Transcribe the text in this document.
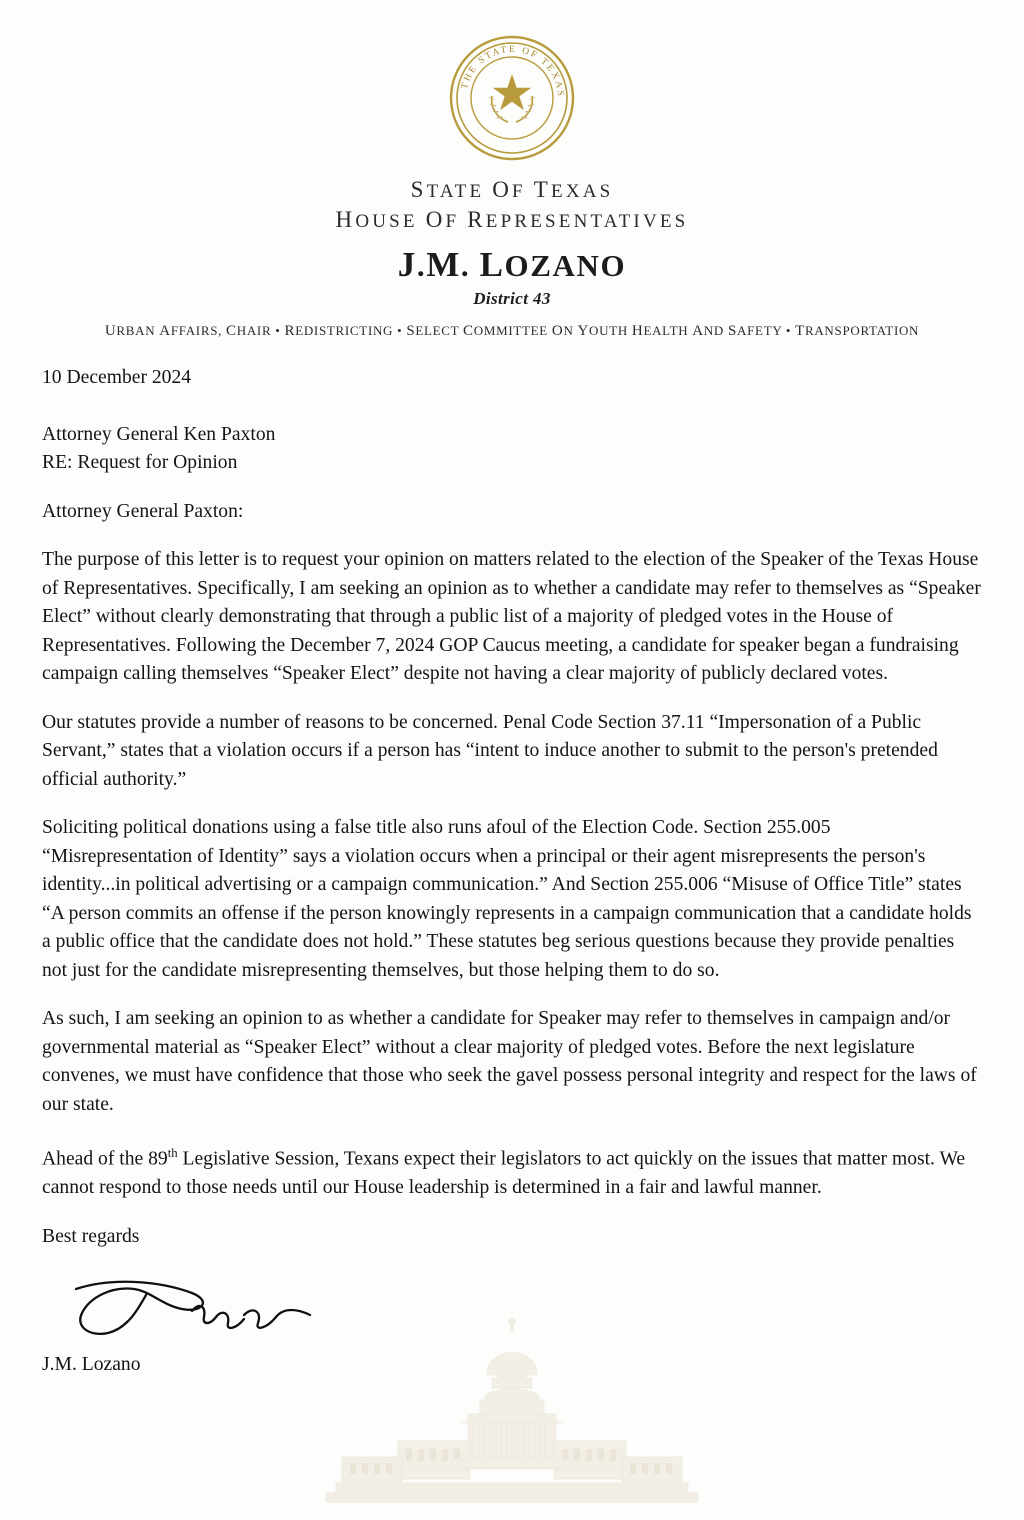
THE STATE OF TEXAS
STATE OF TEXAS
HOUSE OF REPRESENTATIVES
J.M. LOZANO
District 43
URBAN AFFAIRS, CHAIR • REDISTRICTING • SELECT COMMITTEE ON YOUTH HEALTH AND SAFETY • TRANSPORTATION
10 December 2024
Attorney General Ken Paxton
RE: Request for Opinion

Attorney General Paxton:

The purpose of this letter is to request your opinion on matters related to the election of the Speaker of the Texas House of Representatives. Specifically, I am seeking an opinion as to whether a candidate may refer to themselves as “Speaker Elect” without clearly demonstrating that through a public list of a majority of pledged votes in the House of Representatives. Following the December 7, 2024 GOP Caucus meeting, a candidate for speaker began a fundraising campaign calling themselves “Speaker Elect” despite not having a clear majority of publicly declared votes.

Our statutes provide a number of reasons to be concerned. Penal Code Section 37.11 “Impersonation of a Public Servant,” states that a violation occurs if a person has “intent to induce another to submit to the person's pretended official authority.”

Soliciting political donations using a false title also runs afoul of the Election Code. Section 255.005 “Misrepresentation of Identity” says a violation occurs when a principal or their agent misrepresents the person's identity...in political advertising or a campaign communication.” And Section 255.006 “Misuse of Office Title” states “A person commits an offense if the person knowingly represents in a campaign communication that a candidate holds a public office that the candidate does not hold.” These statutes beg serious questions because they provide penalties not just for the candidate misrepresenting themselves, but those helping them to do so.

As such, I am seeking an opinion to as whether a candidate for Speaker may refer to themselves in campaign and/or governmental material as “Speaker Elect” without a clear majority of pledged votes. Before the next legislature convenes, we must have confidence that those who seek the gavel possess personal integrity and respect for the laws of our state.

Ahead of the 89th Legislative Session, Texans expect their legislators to act quickly on the issues that matter most. We cannot respond to those needs until our House leadership is determined in a fair and lawful manner.

Best regards

J.M. Lozano
